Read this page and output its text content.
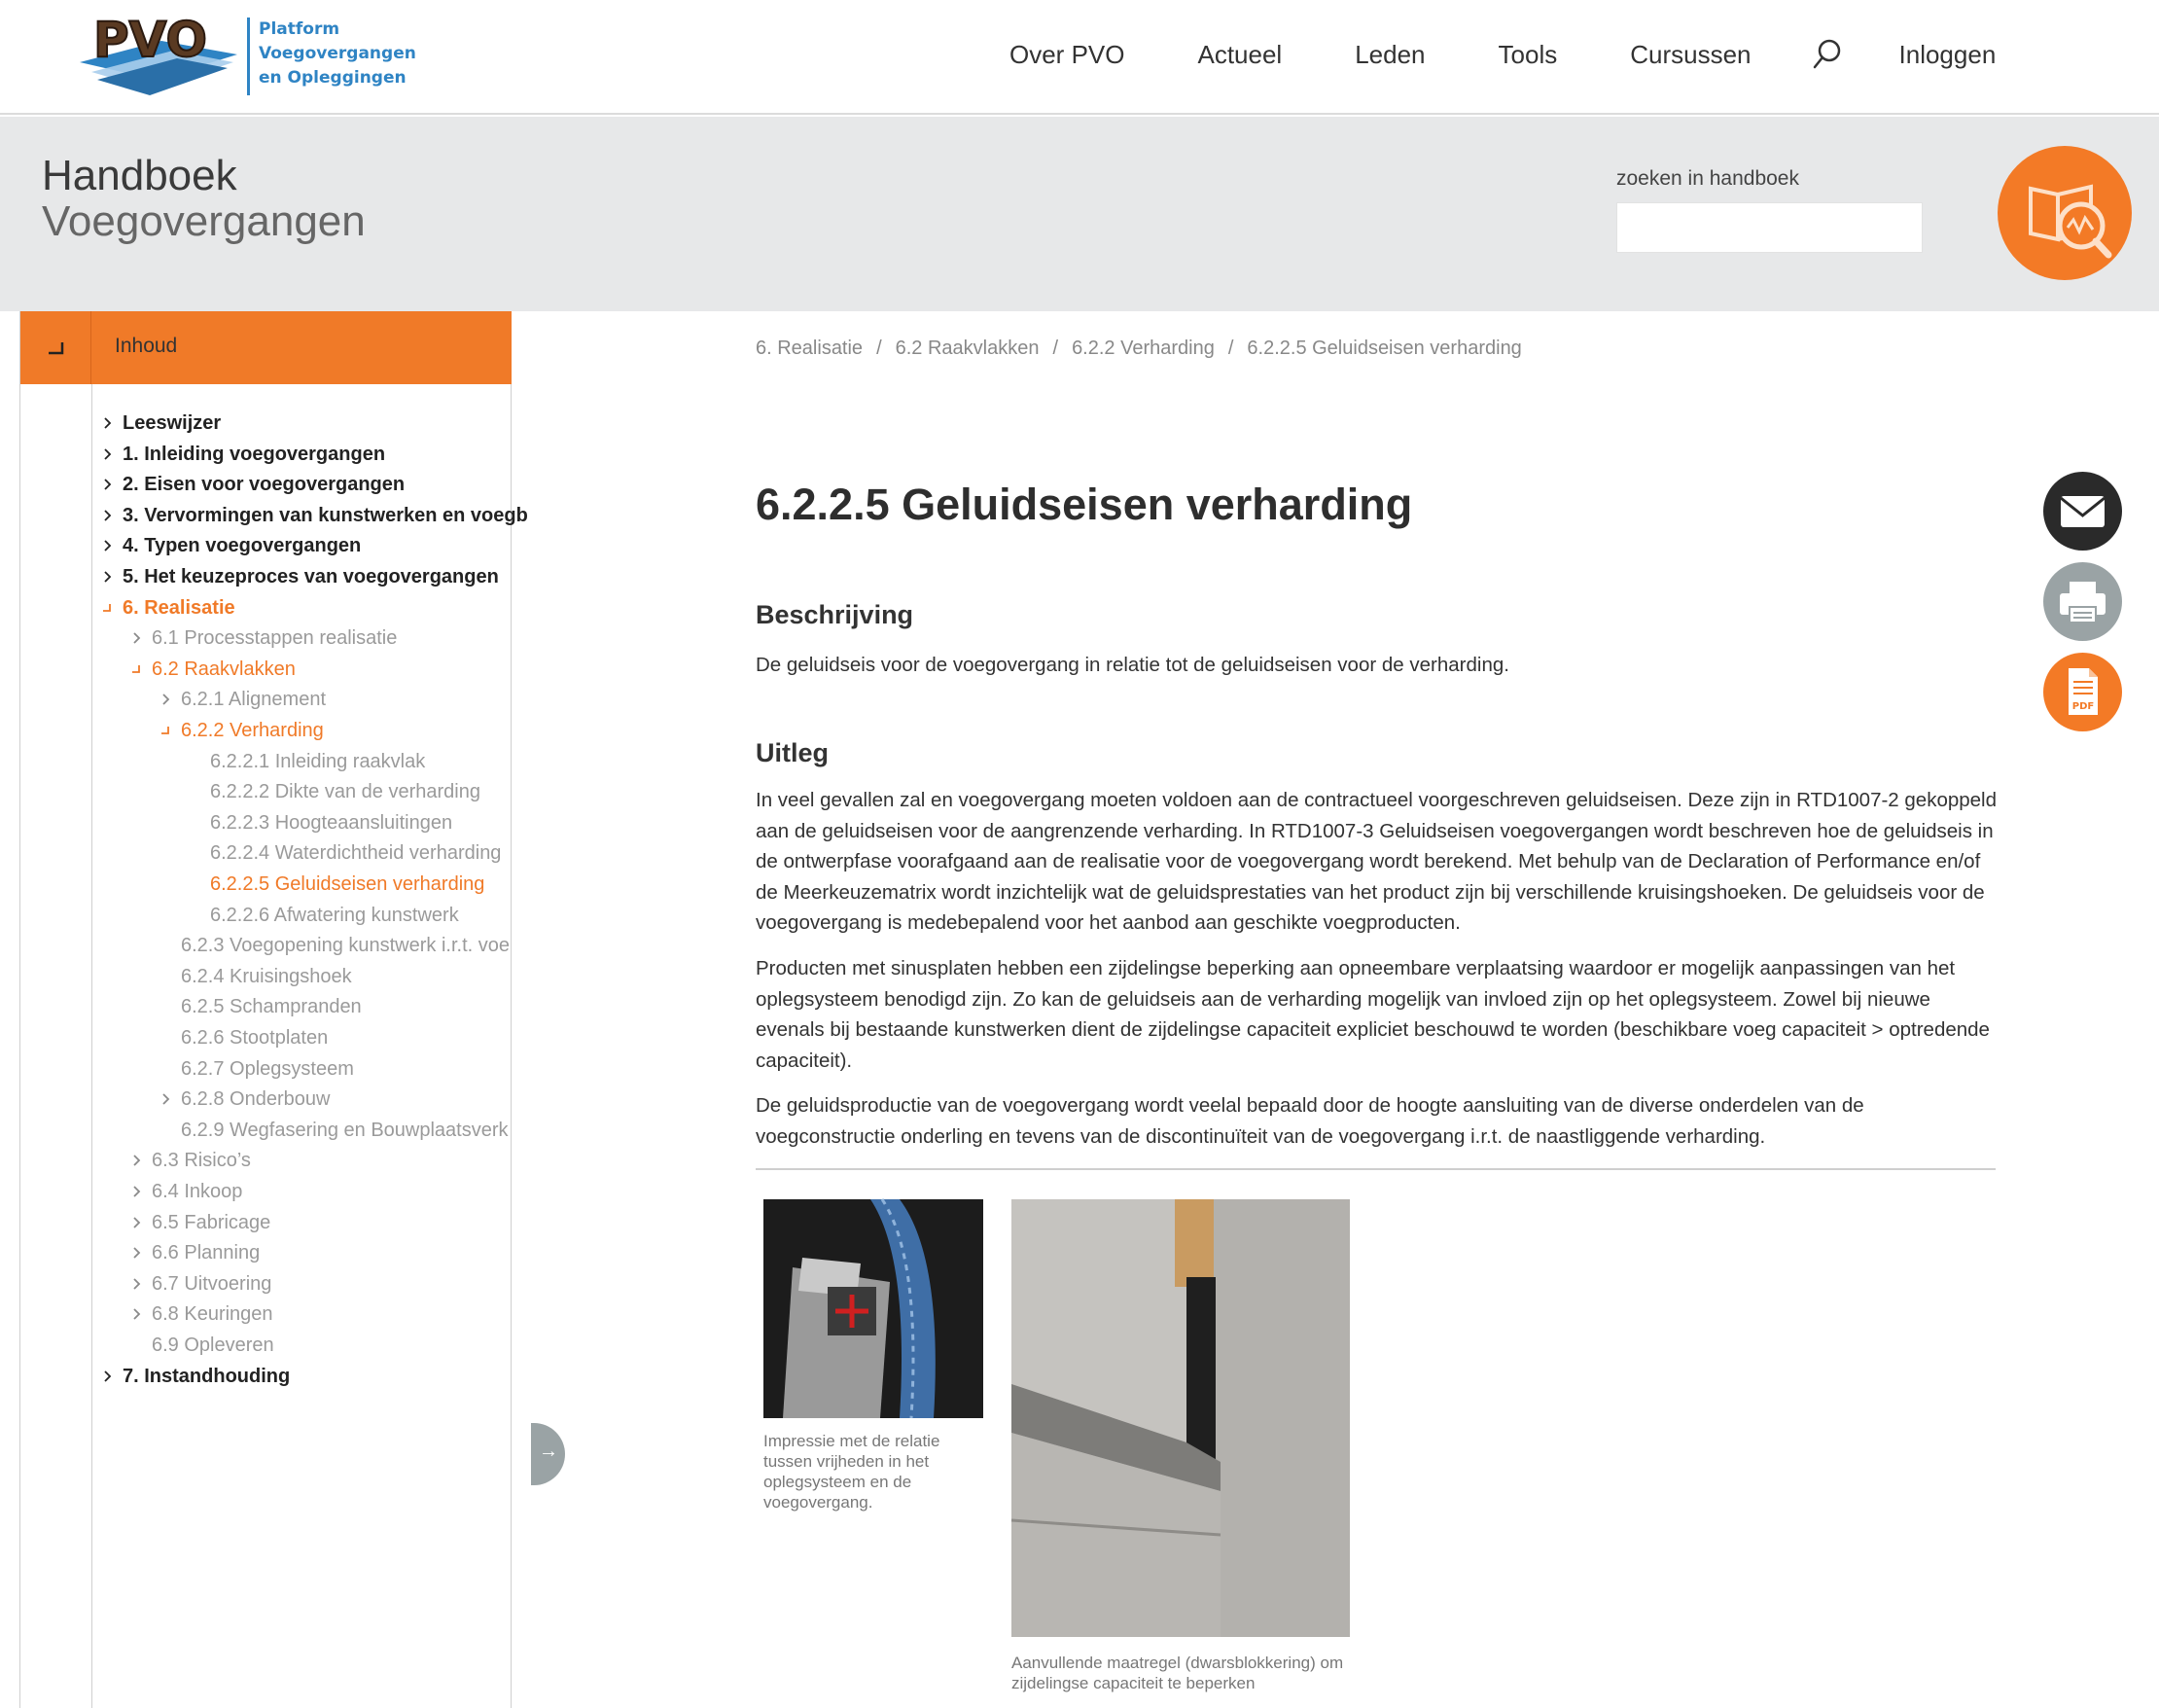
PVO	Platform
Voegovergangen
en Opleggingen
Over PVO	Actueel	Leden	Tools	Cursussen	Inloggen
Handboek
Voegovergangen
zoeken in handboek
Inhoud
Leeswijzer
1. Inleiding voegovergangen
2. Eisen voor voegovergangen
3. Vervormingen van kunstwerken en voegb
4. Typen voegovergangen
5. Het keuzeproces van voegovergangen
6. Realisatie
6.1 Processtappen realisatie
6.2 Raakvlakken
6.2.1 Alignement
6.2.2 Verharding
6.2.2.1 Inleiding raakvlak
6.2.2.2 Dikte van de verharding
6.2.2.3 Hoogteaansluitingen
6.2.2.4 Waterdichtheid verharding
6.2.2.5 Geluidseisen verharding
6.2.2.6 Afwatering kunstwerk
6.2.3 Voegopening kunstwerk i.r.t. voe
6.2.4 Kruisingshoek
6.2.5 Schampranden
6.2.6 Stootplaten
6.2.7 Oplegsysteem
6.2.8 Onderbouw
6.2.9 Wegfasering en Bouwplaatsverk
6.3 Risico’s
6.4 Inkoop
6.5 Fabricage
6.6 Planning
6.7 Uitvoering
6.8 Keuringen
6.9 Opleveren
7. Instandhouding
→
6. Realisatie / 6.2 Raakvlakken / 6.2.2 Verharding / 6.2.2.5 Geluidseisen verharding
6.2.2.5 Geluidseisen verharding
Beschrijving

De geluidseis voor de voegovergang in relatie tot de geluidseisen voor de verharding.

Uitleg

In veel gevallen zal en voegovergang moeten voldoen aan de contractueel voorgeschreven geluidseisen. Deze zijn in RTD1007-2 gekoppeld aan de geluidseisen voor de aangrenzende verharding. In RTD1007-3 Geluidseisen voegovergangen wordt beschreven hoe de geluidseis in de ontwerpfase voorafgaand aan de realisatie voor de voegovergang wordt berekend. Met behulp van de Declaration of Performance en/of de Meerkeuzematrix wordt inzichtelijk wat de geluidsprestaties van het product zijn bij verschillende kruisingshoeken. De geluidseis voor de voegovergang is medebepalend voor het aanbod aan geschikte voegproducten.

Producten met sinusplaten hebben een zijdelingse beperking aan opneembare verplaatsing waardoor er mogelijk aanpassingen van het oplegsysteem benodigd zijn. Zo kan de geluidseis aan de verharding mogelijk van invloed zijn op het oplegsysteem. Zowel bij nieuwe evenals bij bestaande kunstwerken dient de zijdelingse capaciteit expliciet beschouwd te worden (beschikbare voeg capaciteit > optredende capaciteit).

De geluidsproductie van de voegovergang wordt veelal bepaald door de hoogte aansluiting van de diverse onderdelen van de voegconstructie onderling en tevens van de discontinuïteit van de voegovergang i.r.t. de naastliggende verharding.

Impressie met de relatie tussen vrijheden in het oplegsysteem en de voegovergang.
Aanvullende maatregel (dwarsblokkering) om zijdelingse capaciteit te beperken
PDF
